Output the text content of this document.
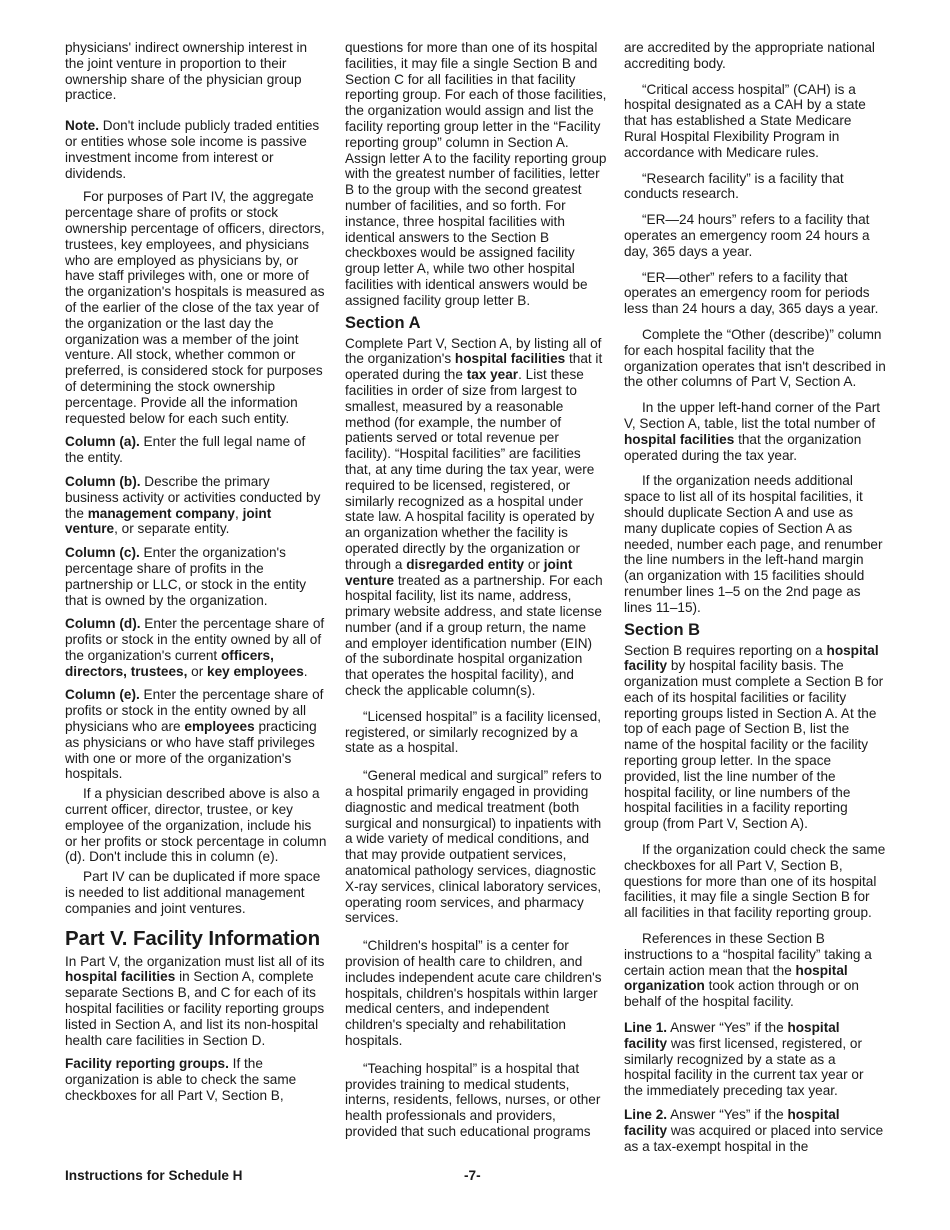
physicians' indirect ownership interest in the joint venture in proportion to their ownership share of the physician group practice.

Note. Don't include publicly traded entities or entities whose sole income is passive investment income from interest or dividends.

For purposes of Part IV, the aggregate percentage share of profits or stock ownership percentage of officers, directors, trustees, key employees, and physicians who are employed as physicians by, or have staff privileges with, one or more of the organization's hospitals is measured as of the earlier of the close of the tax year of the organization or the last day the organization was a member of the joint venture. All stock, whether common or preferred, is considered stock for purposes of determining the stock ownership percentage. Provide all the information requested below for each such entity.

Column (a). Enter the full legal name of the entity.

Column (b). Describe the primary business activity or activities conducted by the management company, joint venture, or separate entity.

Column (c). Enter the organization's percentage share of profits in the partnership or LLC, or stock in the entity that is owned by the organization.

Column (d). Enter the percentage share of profits or stock in the entity owned by all of the organization's current officers, directors, trustees, or key employees.

Column (e). Enter the percentage share of profits or stock in the entity owned by all physicians who are employees practicing as physicians or who have staff privileges with one or more of the organization's hospitals.

If a physician described above is also a current officer, director, trustee, or key employee of the organization, include his or her profits or stock percentage in column (d). Don't include this in column (e).

Part IV can be duplicated if more space is needed to list additional management companies and joint ventures.

Part V. Facility Information

In Part V, the organization must list all of its hospital facilities in Section A, complete separate Sections B, and C for each of its hospital facilities or facility reporting groups listed in Section A, and list its non-hospital health care facilities in Section D.

Facility reporting groups. If the organization is able to check the same checkboxes for all Part V, Section B,

questions for more than one of its hospital facilities, it may file a single Section B and Section C for all facilities in that facility reporting group. For each of those facilities, the organization would assign and list the facility reporting group letter in the “Facility reporting group” column in Section A. Assign letter A to the facility reporting group with the greatest number of facilities, letter B to the group with the second greatest number of facilities, and so forth. For instance, three hospital facilities with identical answers to the Section B checkboxes would be assigned facility group letter A, while two other hospital facilities with identical answers would be assigned facility group letter B.

Section A

Complete Part V, Section A, by listing all of the organization's hospital facilities that it operated during the tax year. List these facilities in order of size from largest to smallest, measured by a reasonable method (for example, the number of patients served or total revenue per facility). “Hospital facilities” are facilities that, at any time during the tax year, were required to be licensed, registered, or similarly recognized as a hospital under state law. A hospital facility is operated by an organization whether the facility is operated directly by the organization or through a disregarded entity or joint venture treated as a partnership. For each hospital facility, list its name, address, primary website address, and state license number (and if a group return, the name and employer identification number (EIN) of the subordinate hospital organization that operates the hospital facility), and check the applicable column(s).

“Licensed hospital” is a facility licensed, registered, or similarly recognized by a state as a hospital.

“General medical and surgical” refers to a hospital primarily engaged in providing diagnostic and medical treatment (both surgical and nonsurgical) to inpatients with a wide variety of medical conditions, and that may provide outpatient services, anatomical pathology services, diagnostic X-ray services, clinical laboratory services, operating room services, and pharmacy services.

“Children's hospital” is a center for provision of health care to children, and includes independent acute care children's hospitals, children's hospitals within larger medical centers, and independent children's specialty and rehabilitation hospitals.

“Teaching hospital” is a hospital that provides training to medical students, interns, residents, fellows, nurses, or other health professionals and providers, provided that such educational programs

are accredited by the appropriate national accrediting body.

“Critical access hospital” (CAH) is a hospital designated as a CAH by a state that has established a State Medicare Rural Hospital Flexibility Program in accordance with Medicare rules.

“Research facility” is a facility that conducts research.

“ER—24 hours” refers to a facility that operates an emergency room 24 hours a day, 365 days a year.

“ER—other” refers to a facility that operates an emergency room for periods less than 24 hours a day, 365 days a year.

Complete the “Other (describe)” column for each hospital facility that the organization operates that isn't described in the other columns of Part V, Section A.

In the upper left-hand corner of the Part V, Section A, table, list the total number of hospital facilities that the organization operated during the tax year.

If the organization needs additional space to list all of its hospital facilities, it should duplicate Section A and use as many duplicate copies of Section A as needed, number each page, and renumber the line numbers in the left-hand margin (an organization with 15 facilities should renumber lines 1–5 on the 2nd page as lines 11–15).

Section B

Section B requires reporting on a hospital facility by hospital facility basis. The organization must complete a Section B for each of its hospital facilities or facility reporting groups listed in Section A. At the top of each page of Section B, list the name of the hospital facility or the facility reporting group letter. In the space provided, list the line number of the hospital facility, or line numbers of the hospital facilities in a facility reporting group (from Part V, Section A).

If the organization could check the same checkboxes for all Part V, Section B, questions for more than one of its hospital facilities, it may file a single Section B for all facilities in that facility reporting group.

References in these Section B instructions to a “hospital facility” taking a certain action mean that the hospital organization took action through or on behalf of the hospital facility.

Line 1. Answer “Yes” if the hospital facility was first licensed, registered, or similarly recognized by a state as a hospital facility in the current tax year or the immediately preceding tax year.

Line 2. Answer “Yes” if the hospital facility was acquired or placed into service as a tax-exempt hospital in the

Instructions for Schedule H	-7-
